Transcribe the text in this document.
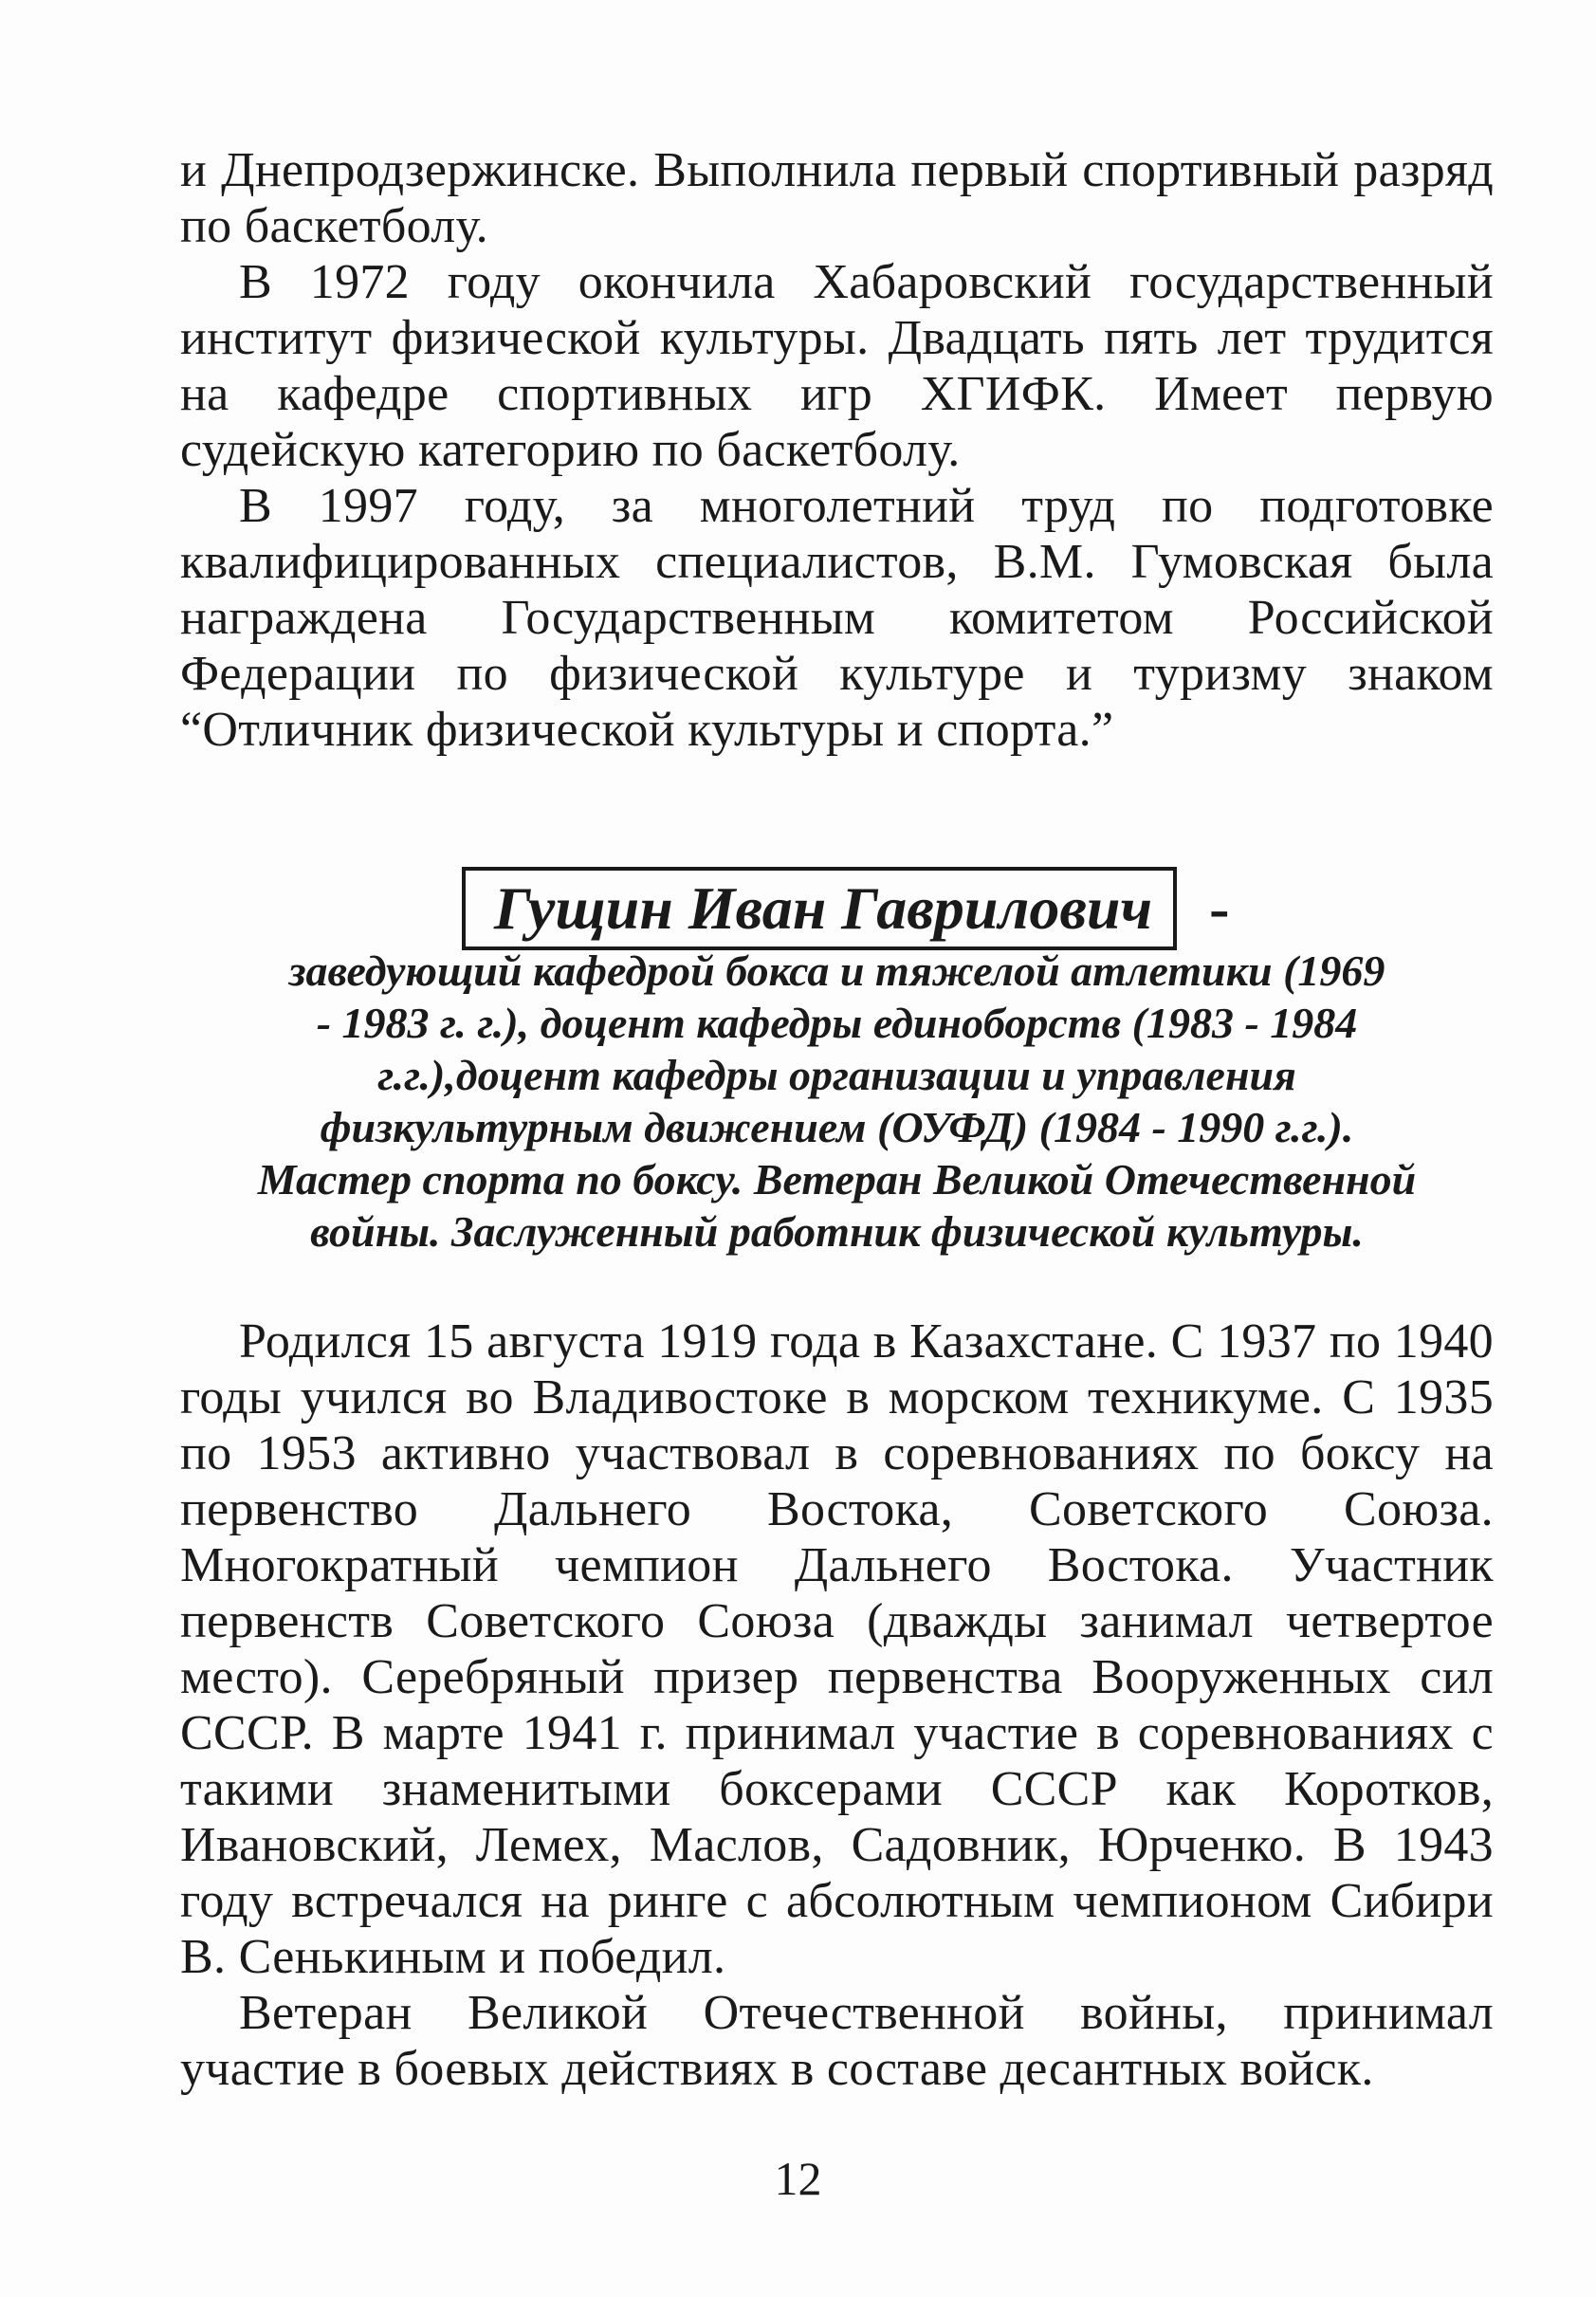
и Днепродзержинске. Выполнила первый спортивный разряд по баскетболу.

В 1972 году окончила Хабаровский государственный институт физической культуры. Двадцать пять лет трудится на кафедре спортивных игр ХГИФК. Имеет первую судейскую категорию по баскетболу.

В 1997 году, за многолетний труд по подготовке квалифицированных специалистов, В.М. Гумовская была награждена Государственным комитетом Российской Федерации по физической культуре и туризму знаком “Отличник физической культуры и спорта.”

Гущин Иван Гаврилович -
заведующий кафедрой бокса и тяжелой атлетики (1969
- 1983 г. г.), доцент кафедры единоборств (1983 - 1984
г.г.),доцент кафедры организации и управления
физкультурным движением (ОУФД) (1984 - 1990 г.г.).
Мастер спорта по боксу. Ветеран Великой Отечественной
войны. Заслуженный работник физической культуры.

Родился 15 августа 1919 года в Казахстане. С 1937 по 1940 годы учился во Владивостоке в морском техникуме. С 1935 по 1953 активно участвовал в соревнованиях по боксу на первенство Дальнего Востока, Советского Союза. Многократный чемпион Дальнего Востока. Участник первенств Советского Союза (дважды занимал четвертое место). Серебряный призер первенства Вооруженных сил СССР. В марте 1941 г. принимал участие в соревнованиях с такими знаменитыми боксерами СССР как Коротков, Ивановский, Лемех, Маслов, Садовник, Юрченко. В 1943 году встречался на ринге с абсолютным чемпионом Сибири В. Сенькиным и победил.

Ветеран Великой Отечественной войны, принимал участие в боевых действиях в составе десантных войск.

12
